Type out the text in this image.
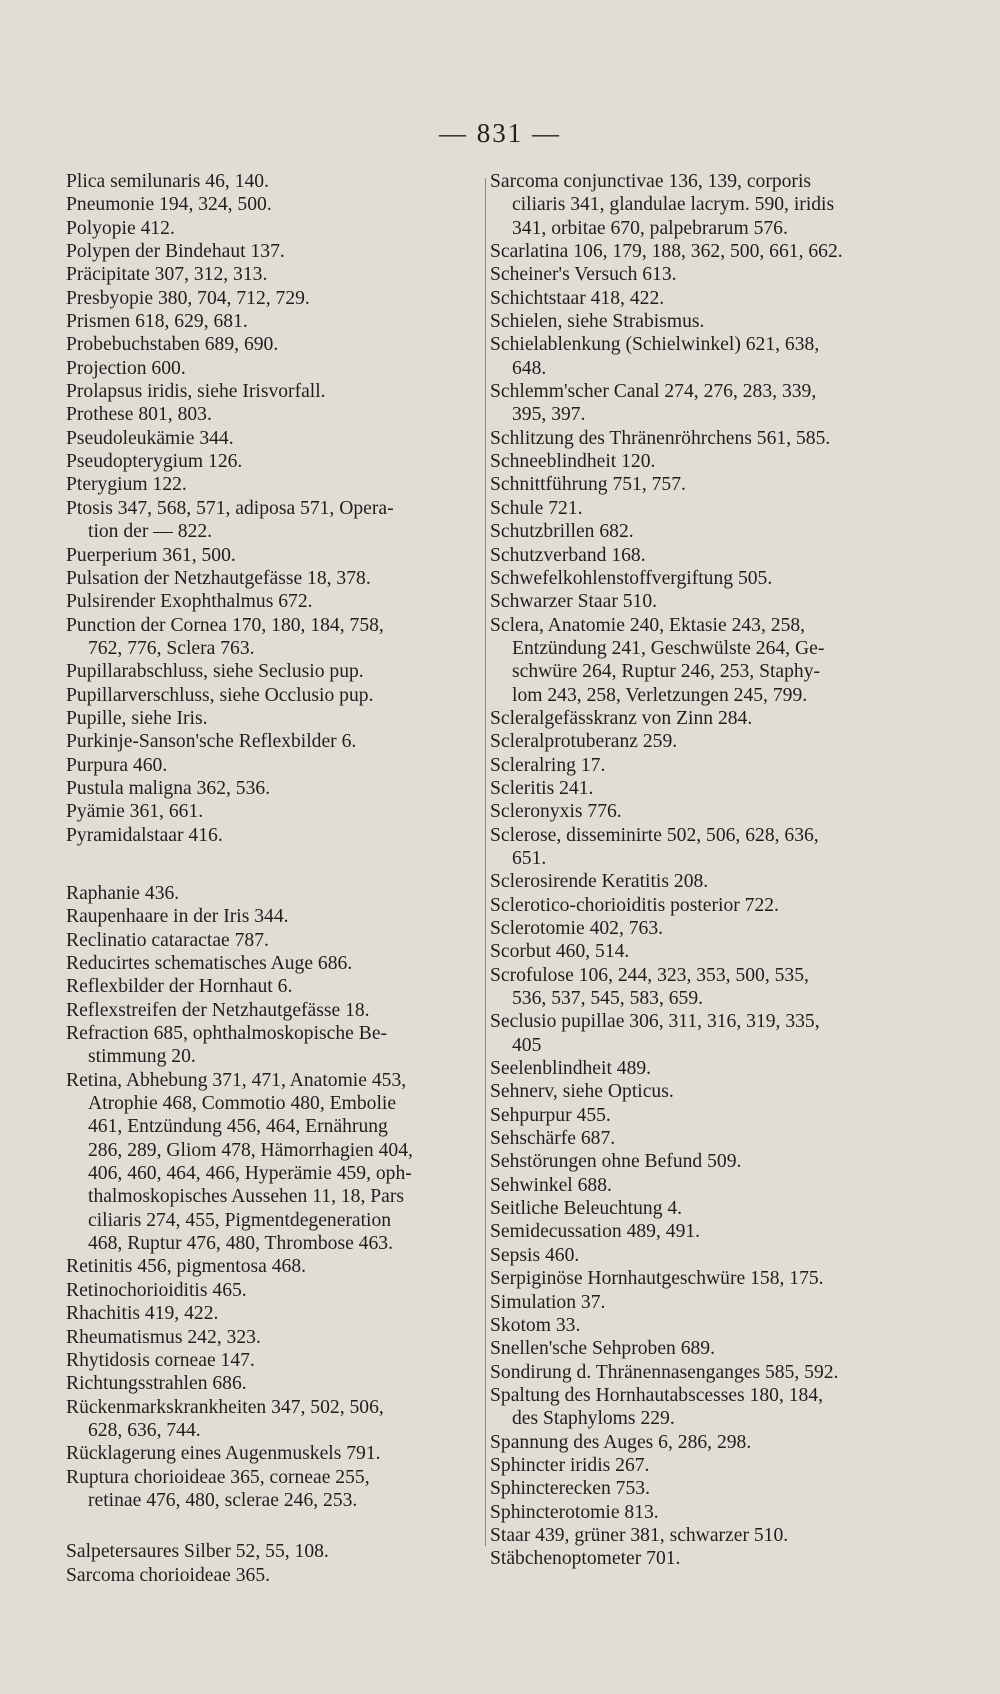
— 831 —
Plica semilunaris 46, 140.
Pneumonie 194, 324, 500.
Polyopie 412.
Polypen der Bindehaut 137.
Präcipitate 307, 312, 313.
Presbyopie 380, 704, 712, 729.
Prismen 618, 629, 681.
Probebuchstaben 689, 690.
Projection 600.
Prolapsus iridis, siehe Irisvorfall.
Prothese 801, 803.
Pseudoleukämie 344.
Pseudopterygium 126.
Pterygium 122.
Ptosis 347, 568, 571, adiposa 571, Opera-
tion der — 822.
Puerperium 361, 500.
Pulsation der Netzhautgefässe 18, 378.
Pulsirender Exophthalmus 672.
Punction der Cornea 170, 180, 184, 758,
762, 776, Sclera 763.
Pupillarabschluss, siehe Seclusio pup.
Pupillarverschluss, siehe Occlusio pup.
Pupille, siehe Iris.
Purkinje-Sanson'sche Reflexbilder 6.
Purpura 460.
Pustula maligna 362, 536.
Pyämie 361, 661.
Pyramidalstaar 416.
Raphanie 436.
Raupenhaare in der Iris 344.
Reclinatio cataractae 787.
Reducirtes schematisches Auge 686.
Reflexbilder der Hornhaut 6.
Reflexstreifen der Netzhautgefässe 18.
Refraction 685, ophthalmoskopische Be-
stimmung 20.
Retina, Abhebung 371, 471, Anatomie 453,
Atrophie 468, Commotio 480, Embolie
461, Entzündung 456, 464, Ernährung
286, 289, Gliom 478, Hämorrhagien 404,
406, 460, 464, 466, Hyperämie 459, oph-
thalmoskopisches Aussehen 11, 18, Pars
ciliaris 274, 455, Pigmentdegeneration
468, Ruptur 476, 480, Thrombose 463.
Retinitis 456, pigmentosa 468.
Retinochorioiditis 465.
Rhachitis 419, 422.
Rheumatismus 242, 323.
Rhytidosis corneae 147.
Richtungsstrahlen 686.
Rückenmarkskrankheiten 347, 502, 506,
628, 636, 744.
Rücklagerung eines Augenmuskels 791.
Ruptura chorioideae 365, corneae 255,
retinae 476, 480, sclerae 246, 253.
Salpetersaures Silber 52, 55, 108.
Sarcoma chorioideae 365.
Sarcoma conjunctivae 136, 139, corporis
ciliaris 341, glandulae lacrym. 590, iridis
341, orbitae 670, palpebrarum 576.
Scarlatina 106, 179, 188, 362, 500, 661, 662.
Scheiner's Versuch 613.
Schichtstaar 418, 422.
Schielen, siehe Strabismus.
Schielablenkung (Schielwinkel) 621, 638,
648.
Schlemm'scher Canal 274, 276, 283, 339,
395, 397.
Schlitzung des Thränenröhrchens 561, 585.
Schneeblindheit 120.
Schnittführung 751, 757.
Schule 721.
Schutzbrillen 682.
Schutzverband 168.
Schwefelkohlenstoffvergiftung 505.
Schwarzer Staar 510.
Sclera, Anatomie 240, Ektasie 243, 258,
Entzündung 241, Geschwülste 264, Ge-
schwüre 264, Ruptur 246, 253, Staphy-
lom 243, 258, Verletzungen 245, 799.
Scleralgefässkranz von Zinn 284.
Scleralprotuberanz 259.
Scleralring 17.
Scleritis 241.
Scleronyxis 776.
Sclerose, disseminirte 502, 506, 628, 636,
651.
Sclerosirende Keratitis 208.
Sclerotico-chorioiditis posterior 722.
Sclerotomie 402, 763.
Scorbut 460, 514.
Scrofulose 106, 244, 323, 353, 500, 535,
536, 537, 545, 583, 659.
Seclusio pupillae 306, 311, 316, 319, 335,
405
Seelenblindheit 489.
Sehnerv, siehe Opticus.
Sehpurpur 455.
Sehschärfe 687.
Sehstörungen ohne Befund 509.
Sehwinkel 688.
Seitliche Beleuchtung 4.
Semidecussation 489, 491.
Sepsis 460.
Serpiginöse Hornhautgeschwüre 158, 175.
Simulation 37.
Skotom 33.
Snellen'sche Sehproben 689.
Sondirung d. Thränennasenganges 585, 592.
Spaltung des Hornhautabscesses 180, 184,
des Staphyloms 229.
Spannung des Auges 6, 286, 298.
Sphincter iridis 267.
Sphincterecken 753.
Sphincterotomie 813.
Staar 439, grüner 381, schwarzer 510.
Stäbchenoptometer 701.
